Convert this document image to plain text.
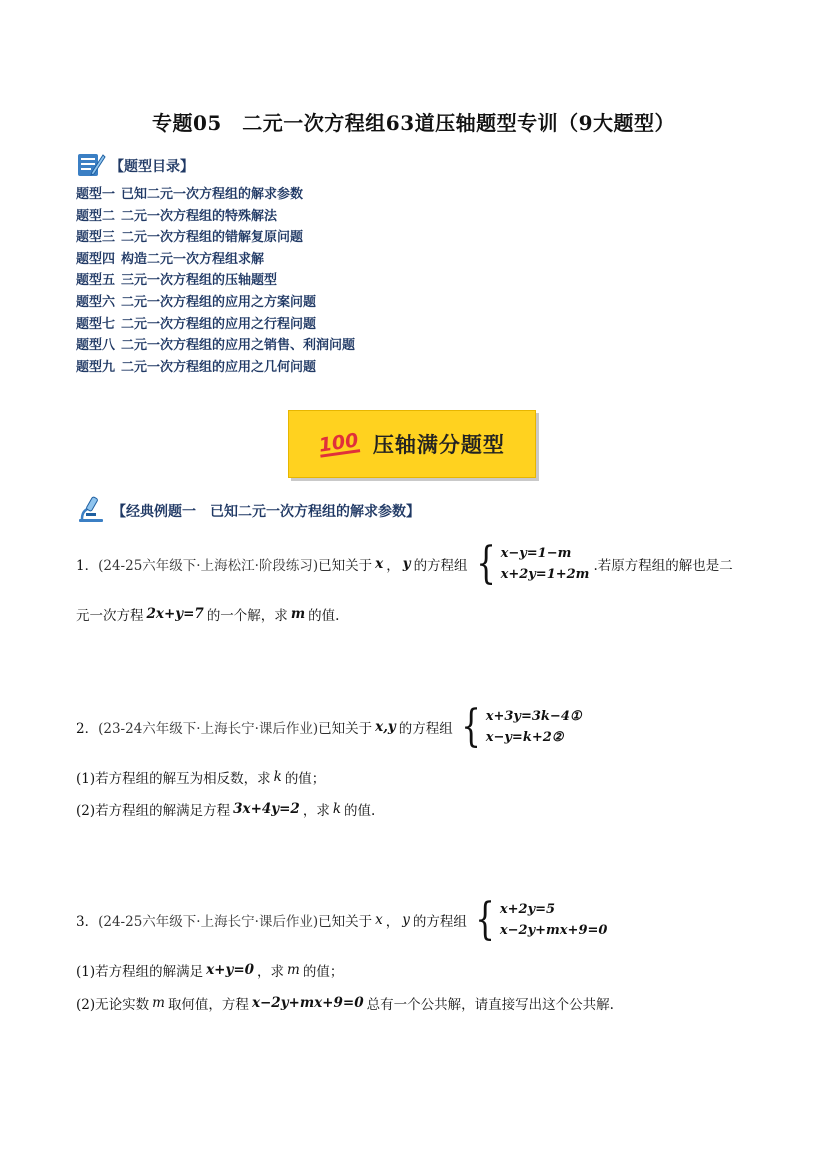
专题05　二元一次方程组63道压轴题型专训（9大题型）
【题型目录】
题型一 已知二元一次方程组的解求参数
题型二 二元一次方程组的特殊解法
题型三 二元一次方程组的错解复原问题
题型四 构造二元一次方程组求解
题型五 三元一次方程组的压轴题型
题型六 二元一次方程组的应用之方案问题
题型七 二元一次方程组的应用之行程问题
题型八 二元一次方程组的应用之销售、利润问题
题型九 二元一次方程组的应用之几何问题
100 压轴满分题型
【经典例题一　已知二元一次方程组的解求参数】
1． (24-25六年级下·上海松江·阶段练习) 已知关于 x ， y 的方程组 { x−y=1−m
x+2y=1+2m
.若原方程组的解也是二
元一次方程 2x+y=7 的一个解，求 m 的值.
2． (23-24六年级下·上海长宁·课后作业) 已知关于 x,y 的方程组 { x+3y=3k−4①
x−y=k+2②
(1)若方程组的解互为相反数，求 k 的值；
(2)若方程组的解满足方程 3x+4y=2 ，求 k 的值.
3． (24-25六年级下·上海长宁·课后作业) 已知关于 x ， y 的方程组 { x+2y=5
x−2y+mx+9=0
(1)若方程组的解满足 x+y=0 ，求 m 的值；
(2)无论实数 m 取何值，方程 x−2y+mx+9=0 总有一个公共解，请直接写出这个公共解.
